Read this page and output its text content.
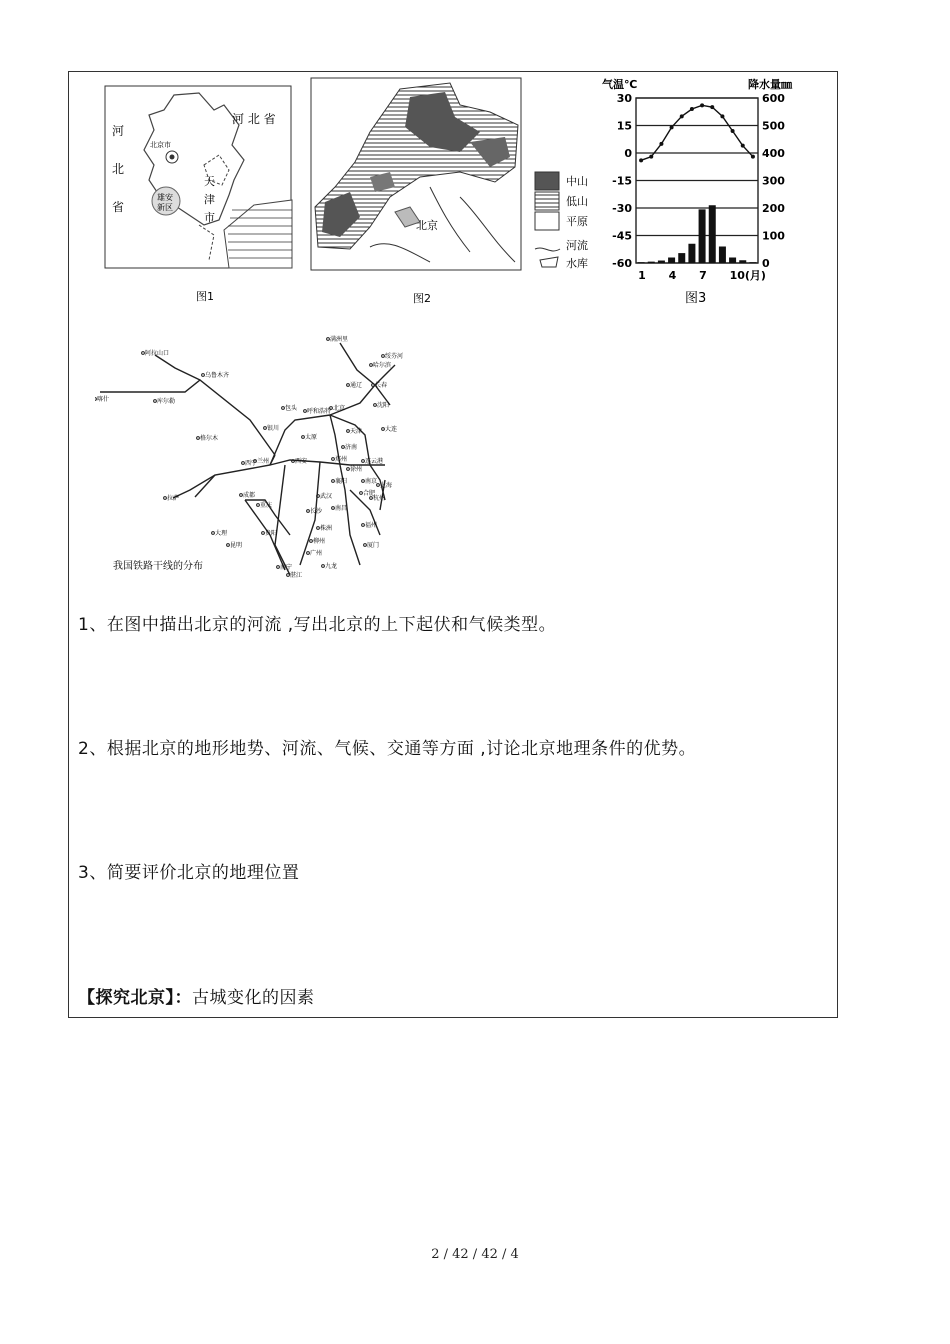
河
北
省
河 北 省
天
津
市
北京市
雄安
新区
图1
北京
中山
低山
平原
河流
水库
图2
气温℃	降水量㎜
30
15
0
-15
-30
-45
-60
600
500
400
300
200
100
0
1 4 7 10(月)
图3
我国铁路干线的分布
阿拉山口
乌鲁木齐
喀什	库尔勒
格尔木
拉萨
西宁 兰州
银川
包头 呼和浩特 北京
天津
太原
济南
西安	郑州
徐州
连云港
南京
上海
杭州
成都
重庆
武汉
长沙 南昌
贵阳
昆明
大理
株洲	福州
厦门
广州
南宁
柳州
湛江
九龙
满洲里
哈尔滨
绥芬河
长春
沈阳
大连
通辽
合肥
襄阳
1、在图中描出北京的河流 ,写出北京的上下起伏和气候类型。
2、根据北京的地形地势、河流、气候、交通等方面 ,讨论北京地理条件的优势。
3、简要评价北京的地理位置
【探究北京】：古城变化的因素
2 / 42 / 42 / 4
